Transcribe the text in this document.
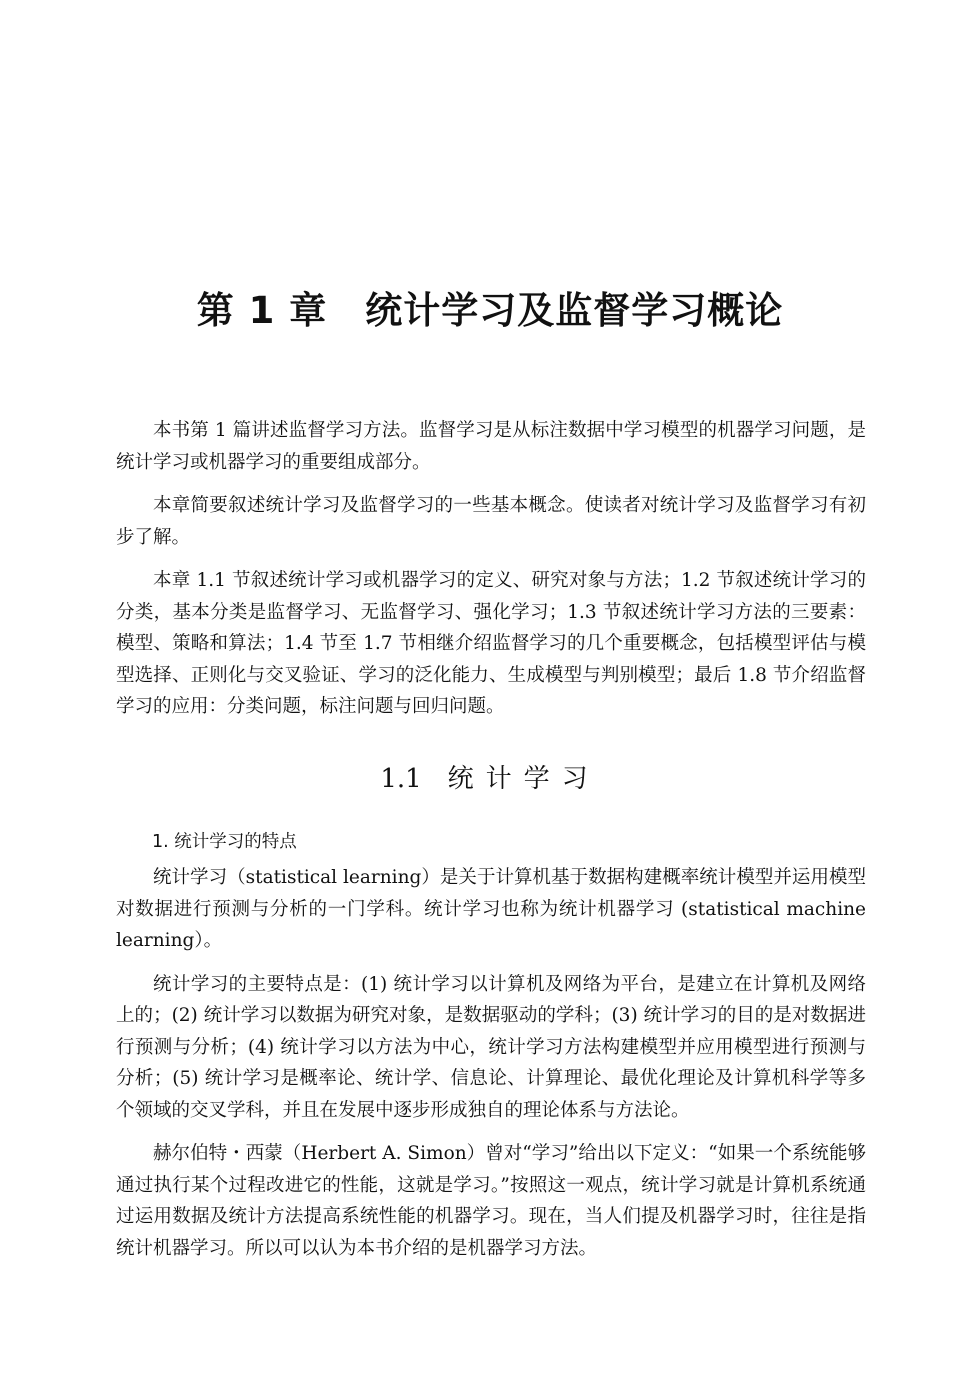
第 1 章 统计学习及监督学习概论

本书第 1 篇讲述监督学习方法。监督学习是从标注数据中学习模型的机器学习问题，是统计学习或机器学习的重要组成部分。

本章简要叙述统计学习及监督学习的一些基本概念。使读者对统计学习及监督学习有初步了解。

本章 1.1 节叙述统计学习或机器学习的定义、研究对象与方法；1.2 节叙述统计学习的分类，基本分类是监督学习、无监督学习、强化学习；1.3 节叙述统计学习方法的三要素：模型、策略和算法；1.4 节至 1.7 节相继介绍监督学习的几个重要概念，包括模型评估与模型选择、正则化与交叉验证、学习的泛化能力、生成模型与判别模型；最后 1.8 节介绍监督学习的应用：分类问题，标注问题与回归问题。

1.1 统计学习
1. 统计学习的特点

统计学习（statistical learning）是关于计算机基于数据构建概率统计模型并运用模型对数据进行预测与分析的一门学科。统计学习也称为统计机器学习 (statistical machine learning）。

统计学习的主要特点是：(1) 统计学习以计算机及网络为平台，是建立在计算机及网络上的；(2) 统计学习以数据为研究对象，是数据驱动的学科；(3) 统计学习的目的是对数据进行预测与分析；(4) 统计学习以方法为中心，统计学习方法构建模型并应用模型进行预测与分析；(5) 统计学习是概率论、统计学、信息论、计算理论、最优化理论及计算机科学等多个领域的交叉学科，并且在发展中逐步形成独自的理论体系与方法论。

赫尔伯特・西蒙（Herbert A. Simon）曾对“学习”给出以下定义：“如果一个系统能够通过执行某个过程改进它的性能，这就是学习。”按照这一观点，统计学习就是计算机系统通过运用数据及统计方法提高系统性能的机器学习。现在，当人们提及机器学习时，往往是指统计机器学习。所以可以认为本书介绍的是机器学习方法。
